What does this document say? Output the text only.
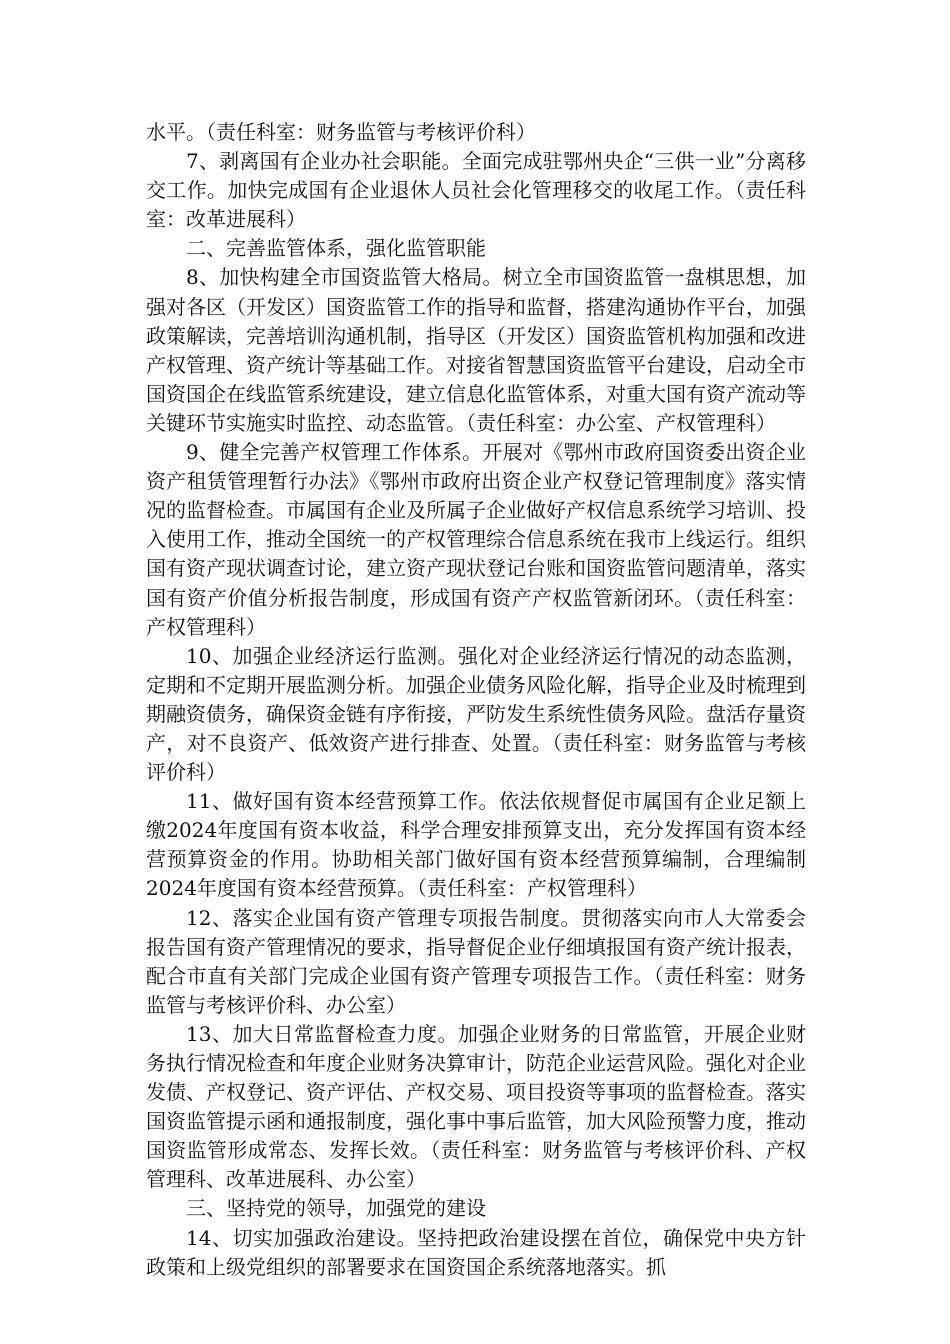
水平。（责任科室：财务监管与考核评价科）

7、剥离国有企业办社会职能。全面完成驻鄂州央企“三供一业”分离移交工作。加快完成国有企业退休人员社会化管理移交的收尾工作。（责任科室：改革进展科）

二、完善监管体系，强化监管职能

8、加快构建全市国资监管大格局。树立全市国资监管一盘棋思想，加强对各区（开发区）国资监管工作的指导和监督，搭建沟通协作平台，加强政策解读，完善培训沟通机制，指导区（开发区）国资监管机构加强和改进产权管理、资产统计等基础工作。对接省智慧国资监管平台建设，启动全市国资国企在线监管系统建设，建立信息化监管体系，对重大国有资产流动等关键环节实施实时监控、动态监管。（责任科室：办公室、产权管理科）

9、健全完善产权管理工作体系。开展对《鄂州市政府国资委出资企业资产租赁管理暂行办法》《鄂州市政府出资企业产权登记管理制度》落实情况的监督检查。市属国有企业及所属子企业做好产权信息系统学习培训、投入使用工作，推动全国统一的产权管理综合信息系统在我市上线运行。组织国有资产现状调查讨论，建立资产现状登记台账和国资监管问题清单，落实国有资产价值分析报告制度，形成国有资产产权监管新闭环。（责任科室：产权管理科）

10、加强企业经济运行监测。强化对企业经济运行情况的动态监测，定期和不定期开展监测分析。加强企业债务风险化解，指导企业及时梳理到期融资债务，确保资金链有序衔接，严防发生系统性债务风险。盘活存量资产，对不良资产、低效资产进行排查、处置。（责任科室：财务监管与考核评价科）

11、做好国有资本经营预算工作。依法依规督促市属国有企业足额上缴2024年度国有资本收益，科学合理安排预算支出，充分发挥国有资本经营预算资金的作用。协助相关部门做好国有资本经营预算编制，合理编制2024年度国有资本经营预算。（责任科室：产权管理科）

12、落实企业国有资产管理专项报告制度。贯彻落实向市人大常委会报告国有资产管理情况的要求，指导督促企业仔细填报国有资产统计报表，配合市直有关部门完成企业国有资产管理专项报告工作。（责任科室：财务监管与考核评价科、办公室）

13、加大日常监督检查力度。加强企业财务的日常监管，开展企业财务执行情况检查和年度企业财务决算审计，防范企业运营风险。强化对企业发债、产权登记、资产评估、产权交易、项目投资等事项的监督检查。落实国资监管提示函和通报制度，强化事中事后监管，加大风险预警力度，推动国资监管形成常态、发挥长效。（责任科室：财务监管与考核评价科、产权管理科、改革进展科、办公室）

三、坚持党的领导，加强党的建设

14、切实加强政治建设。坚持把政治建设摆在首位，确保党中央方针政策和上级党组织的部署要求在国资国企系统落地落实。抓
